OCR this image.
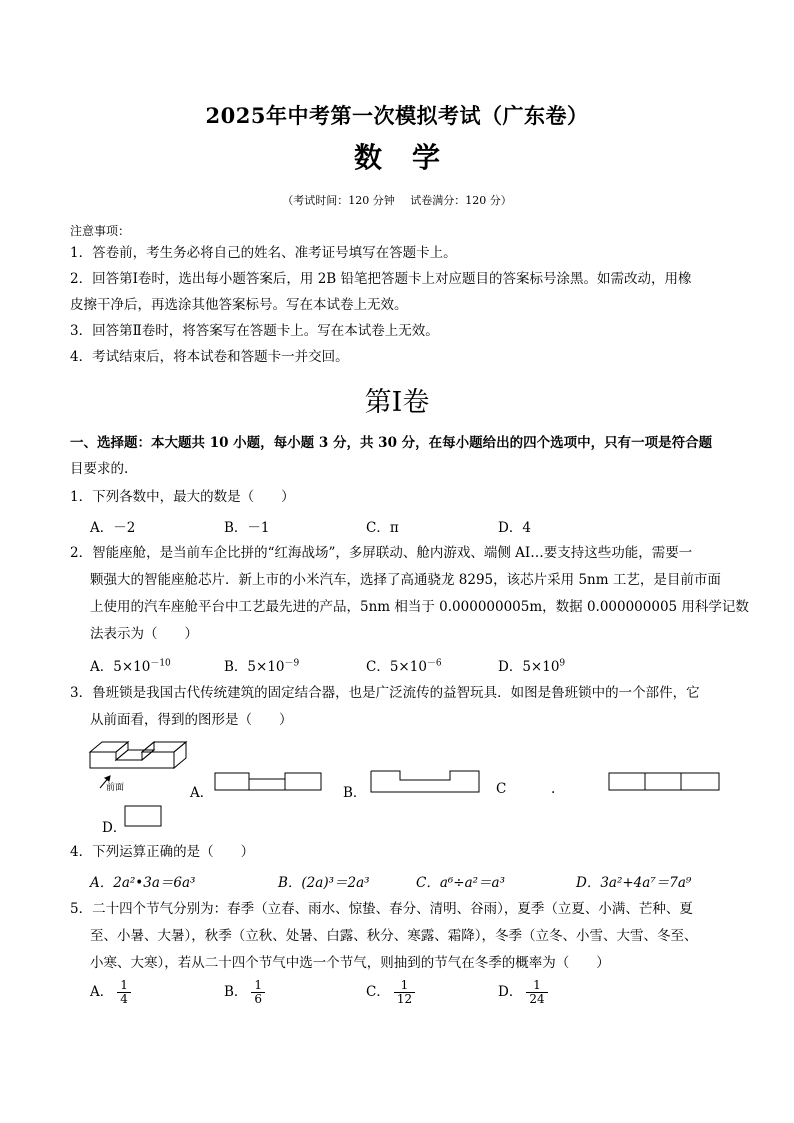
2025年中考第一次模拟考试（广东卷）
数学
（考试时间：120 分钟 试卷满分：120 分）
注意事项：
1．答卷前，考生务必将自己的姓名、准考证号填写在答题卡上。
2．回答第Ⅰ卷时，选出每小题答案后，用 2B 铅笔把答题卡上对应题目的答案标号涂黑。如需改动，用橡
皮擦干净后，再选涂其他答案标号。写在本试卷上无效。
3．回答第Ⅱ卷时，将答案写在答题卡上。写在本试卷上无效。
4．考试结束后，将本试卷和答题卡一并交回。
第Ⅰ卷
一、选择题：本大题共 10 小题，每小题 3 分，共 30 分，在每小题给出的四个选项中，只有一项是符合题
目要求的.
1．下列各数中，最大的数是（　　）
A．－2	B．－1	C．π	D．4
2．智能座舱，是当前车企比拼的“红海战场”，多屏联动、舱内游戏、端侧 AI…要支持这些功能，需要一
颗强大的智能座舱芯片．新上市的小米汽车，选择了高通骁龙 8295，该芯片采用 5nm 工艺，是目前市面
上使用的汽车座舱平台中工艺最先进的产品，5nm 相当于 0.000000005m，数据 0.000000005 用科学记数
法表示为（　　）
A．$5\times 10^{-10}$	B．$5\times 10^{-9}$	C．$5\times 10^{-6}$	D．$5\times 10^9$
3．鲁班锁是我国古代传统建筑的固定结合器，也是广泛流传的益智玩具．如图是鲁班锁中的一个部件，它
从前面看，得到的图形是（　　）
前面	A．	B．	C	.
D．
4．下列运算正确的是（　　）
A．2a²•3a＝6a³	B．(2a)³＝2a³	C．a⁶÷a²＝a³	D．3a²+4a⁷＝7a⁹
5．二十四个节气分别为：春季（立春、雨水、惊蛰、春分、清明、谷雨），夏季（立夏、小满、芒种、夏
至、小暑、大暑），秋季（立秋、处暑、白露、秋分、寒露、霜降），冬季（立冬、小雪、大雪、冬至、
小寒、大寒），若从二十四个节气中选一个节气，则抽到的节气在冬季的概率为（　　）
A． $\frac{1}{4}$	B． $\frac{1}{6}$	C． $\frac{1}{12}$	D． $\frac{1}{24}$
